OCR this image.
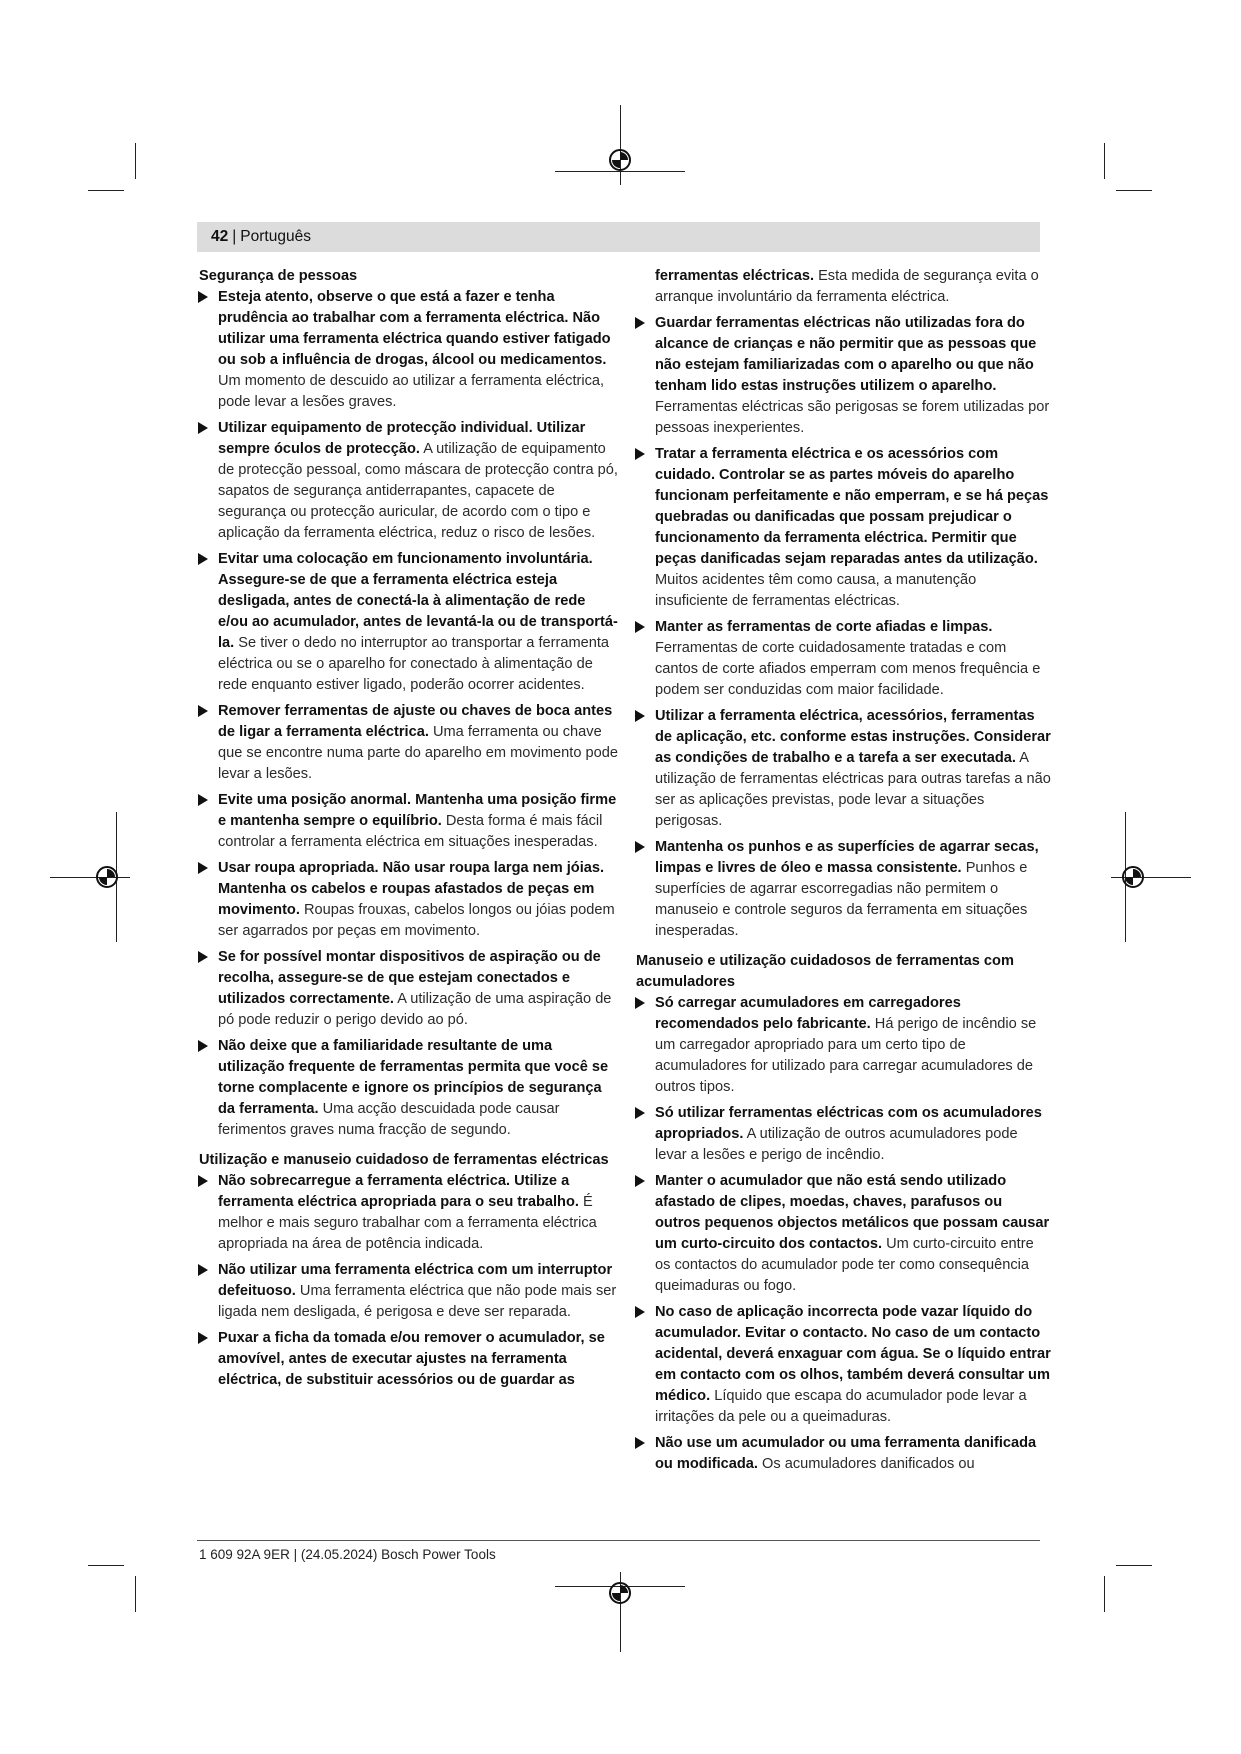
42 | Português
Segurança de pessoas
Esteja atento, observe o que está a fazer e tenha prudência ao trabalhar com a ferramenta eléctrica. Não utilizar uma ferramenta eléctrica quando estiver fatigado ou sob a influência de drogas, álcool ou medicamentos. Um momento de descuido ao utilizar a ferramenta eléctrica, pode levar a lesões graves.
Utilizar equipamento de protecção individual. Utilizar sempre óculos de protecção. A utilização de equipamento de protecção pessoal, como máscara de protecção contra pó, sapatos de segurança antiderrapantes, capacete de segurança ou protecção auricular, de acordo com o tipo e aplicação da ferramenta eléctrica, reduz o risco de lesões.
Evitar uma colocação em funcionamento involuntária. Assegure-se de que a ferramenta eléctrica esteja desligada, antes de conectá-la à alimentação de rede e/ou ao acumulador, antes de levantá-la ou de transportá-la. Se tiver o dedo no interruptor ao transportar a ferramenta eléctrica ou se o aparelho for conectado à alimentação de rede enquanto estiver ligado, poderão ocorrer acidentes.
Remover ferramentas de ajuste ou chaves de boca antes de ligar a ferramenta eléctrica. Uma ferramenta ou chave que se encontre numa parte do aparelho em movimento pode levar a lesões.
Evite uma posição anormal. Mantenha uma posição firme e mantenha sempre o equilíbrio. Desta forma é mais fácil controlar a ferramenta eléctrica em situações inesperadas.
Usar roupa apropriada. Não usar roupa larga nem jóias. Mantenha os cabelos e roupas afastados de peças em movimento. Roupas frouxas, cabelos longos ou jóias podem ser agarrados por peças em movimento.
Se for possível montar dispositivos de aspiração ou de recolha, assegure-se de que estejam conectados e utilizados correctamente. A utilização de uma aspiração de pó pode reduzir o perigo devido ao pó.
Não deixe que a familiaridade resultante de uma utilização frequente de ferramentas permita que você se torne complacente e ignore os princípios de segurança da ferramenta. Uma acção descuidada pode causar ferimentos graves numa fracção de segundo.
Utilização e manuseio cuidadoso de ferramentas eléctricas
Não sobrecarregue a ferramenta eléctrica. Utilize a ferramenta eléctrica apropriada para o seu trabalho. É melhor e mais seguro trabalhar com a ferramenta eléctrica apropriada na área de potência indicada.
Não utilizar uma ferramenta eléctrica com um interruptor defeituoso. Uma ferramenta eléctrica que não pode mais ser ligada nem desligada, é perigosa e deve ser reparada.
Puxar a ficha da tomada e/ou remover o acumulador, se amovível, antes de executar ajustes na ferramenta eléctrica, de substituir acessórios ou de guardar as
ferramentas eléctricas. Esta medida de segurança evita o arranque involuntário da ferramenta eléctrica.
Guardar ferramentas eléctricas não utilizadas fora do alcance de crianças e não permitir que as pessoas que não estejam familiarizadas com o aparelho ou que não tenham lido estas instruções utilizem o aparelho. Ferramentas eléctricas são perigosas se forem utilizadas por pessoas inexperientes.
Tratar a ferramenta eléctrica e os acessórios com cuidado. Controlar se as partes móveis do aparelho funcionam perfeitamente e não emperram, e se há peças quebradas ou danificadas que possam prejudicar o funcionamento da ferramenta eléctrica. Permitir que peças danificadas sejam reparadas antes da utilização. Muitos acidentes têm como causa, a manutenção insuficiente de ferramentas eléctricas.
Manter as ferramentas de corte afiadas e limpas. Ferramentas de corte cuidadosamente tratadas e com cantos de corte afiados emperram com menos frequência e podem ser conduzidas com maior facilidade.
Utilizar a ferramenta eléctrica, acessórios, ferramentas de aplicação, etc. conforme estas instruções. Considerar as condições de trabalho e a tarefa a ser executada. A utilização de ferramentas eléctricas para outras tarefas a não ser as aplicações previstas, pode levar a situações perigosas.
Mantenha os punhos e as superfícies de agarrar secas, limpas e livres de óleo e massa consistente. Punhos e superfícies de agarrar escorregadias não permitem o manuseio e controle seguros da ferramenta em situações inesperadas.
Manuseio e utilização cuidadosos de ferramentas com acumuladores
Só carregar acumuladores em carregadores recomendados pelo fabricante. Há perigo de incêndio se um carregador apropriado para um certo tipo de acumuladores for utilizado para carregar acumuladores de outros tipos.
Só utilizar ferramentas eléctricas com os acumuladores apropriados. A utilização de outros acumuladores pode levar a lesões e perigo de incêndio.
Manter o acumulador que não está sendo utilizado afastado de clipes, moedas, chaves, parafusos ou outros pequenos objectos metálicos que possam causar um curto-circuito dos contactos. Um curto-circuito entre os contactos do acumulador pode ter como consequência queimaduras ou fogo.
No caso de aplicação incorrecta pode vazar líquido do acumulador. Evitar o contacto. No caso de um contacto acidental, deverá enxaguar com água. Se o líquido entrar em contacto com os olhos, também deverá consultar um médico. Líquido que escapa do acumulador pode levar a irritações da pele ou a queimaduras.
Não use um acumulador ou uma ferramenta danificada ou modificada. Os acumuladores danificados ou
1 609 92A 9ER | (24.05.2024) Bosch Power Tools
